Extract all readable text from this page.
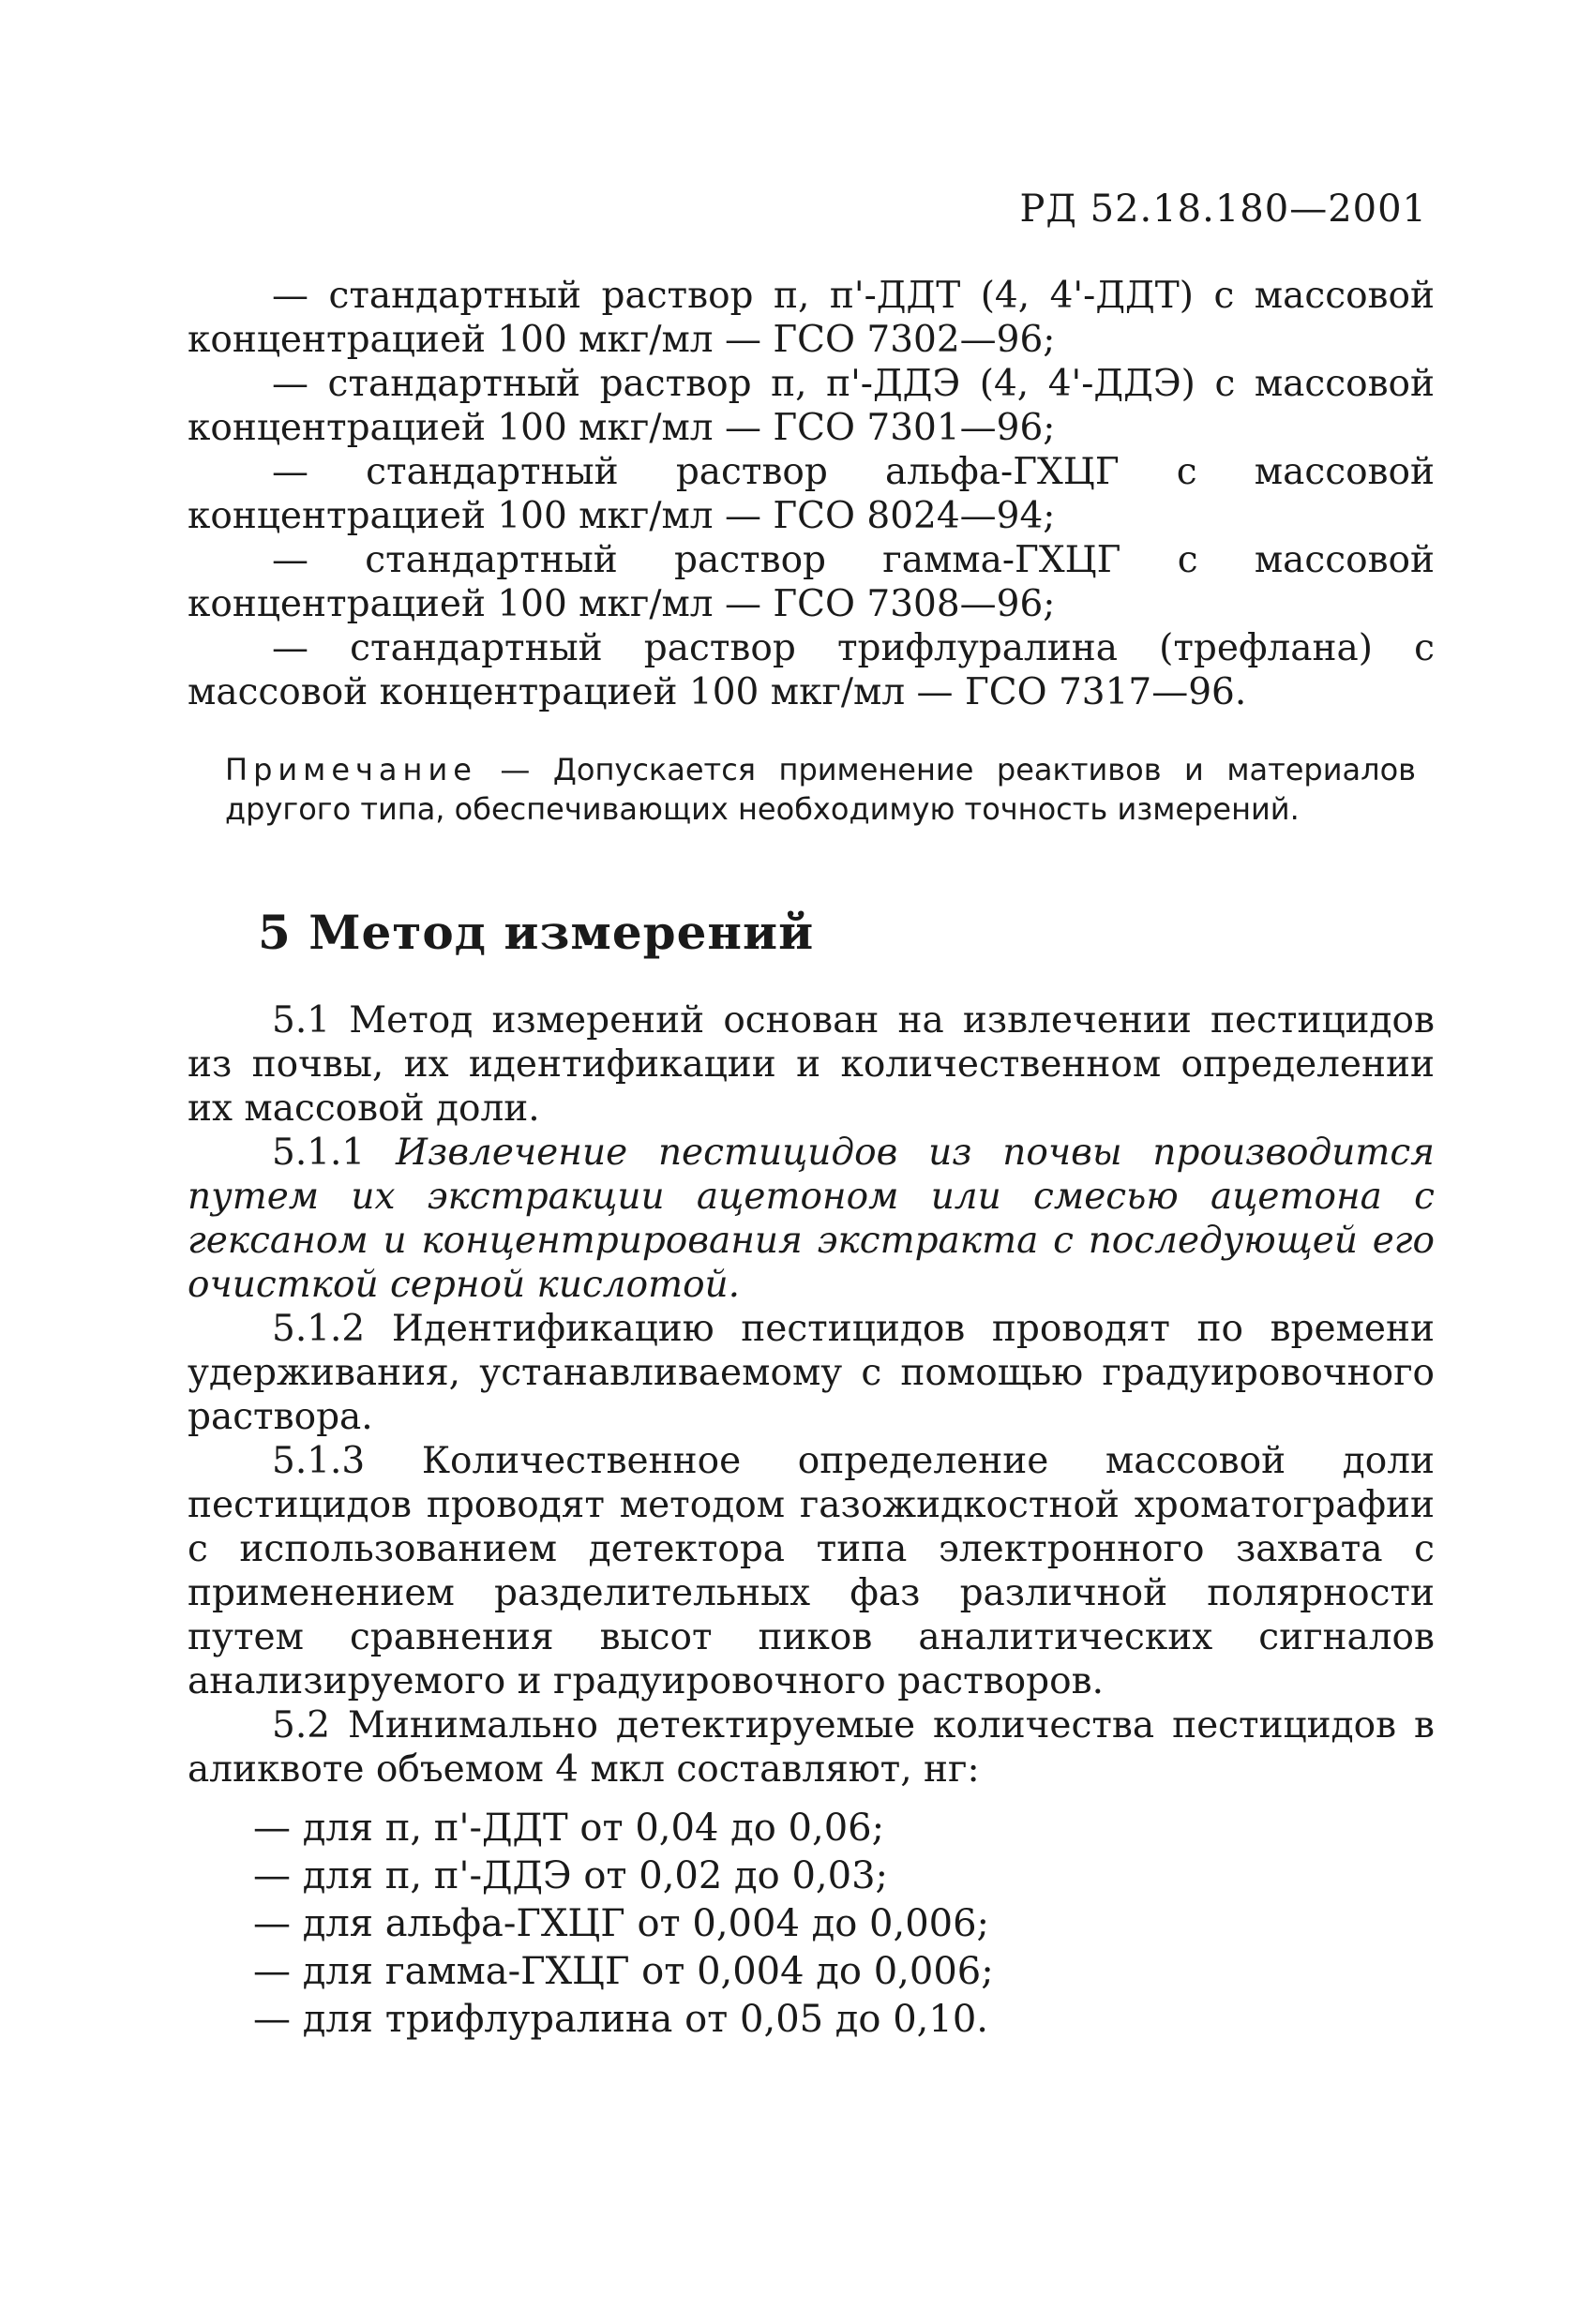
РД 52.18.180—2001

— стандартный раствор п, п'-ДДТ (4, 4'-ДДТ) с массовой концентрацией 100 мкг/мл — ГСО 7302—96;

— стандартный раствор п, п'-ДДЭ (4, 4'-ДДЭ) с массовой концентрацией 100 мкг/мл — ГСО 7301—96;

— стандартный раствор альфа-ГХЦГ с массовой концентрацией 100 мкг/мл — ГСО 8024—94;

— стандартный раствор гамма-ГХЦГ с массовой концентрацией 100 мкг/мл — ГСО 7308—96;

— стандартный раствор трифлуралина (трефлана) с массовой концентрацией 100 мкг/мл — ГСО 7317—96.

Примечание — Допускается применение реактивов и материалов другого типа, обеспечивающих необходимую точность измерений.
5 Метод измерений

5.1 Метод измерений основан на извлечении пестицидов из почвы, их идентификации и количественном определении их массовой доли.

5.1.1 Извлечение пестицидов из почвы производится путем их экстракции ацетоном или смесью ацетона с гексаном и концентрирования экстракта с последующей его очисткой серной кислотой.

5.1.2 Идентификацию пестицидов проводят по времени удерживания, устанавливаемому с помощью градуировочного раствора.

5.1.3 Количественное определение массовой доли пестицидов проводят методом газожидкостной хроматографии с использованием детектора типа электронного захвата с применением разделительных фаз различной полярности путем сравнения высот пиков аналитических сигналов анализируемого и градуировочного растворов.

5.2 Минимально детектируемые количества пестицидов в аликвоте объемом 4 мкл составляют, нг:

— для п, п'-ДДТ от 0,04 до 0,06;

— для п, п'-ДДЭ от 0,02 до 0,03;

— для альфа-ГХЦГ от 0,004 до 0,006;

— для гамма-ГХЦГ от 0,004 до 0,006;

— для трифлуралина от 0,05 до 0,10.
